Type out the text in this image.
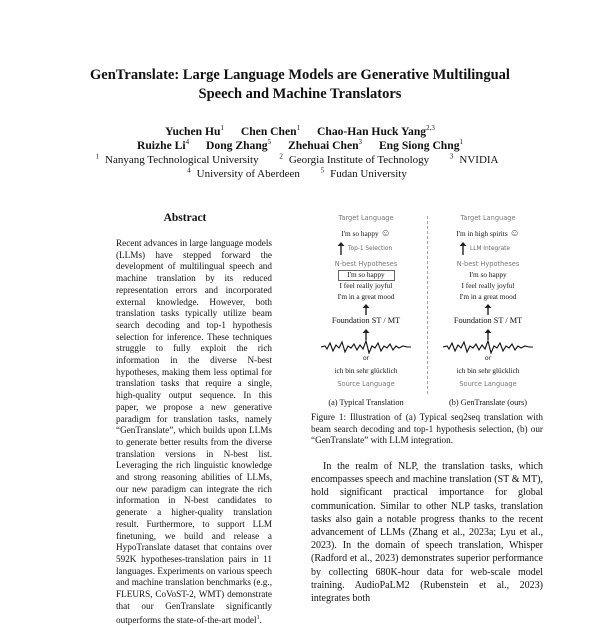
GenTranslate: Large Language Models are Generative Multilingual
Speech and Machine Translators
Yuchen Hu$^1$ Chen Chen$^1$ Chao-Han Huck Yang$^{2,3}$
Ruizhe Li$^4$ Dong Zhang$^5$ Zhehuai Chen$^3$ Eng Siong Chng$^1$
$^1$ Nanyang Technological University	$^2$ Georgia Institute of Technology	$^3$ NVIDIA
$^4$ University of Aberdeen	$^5$ Fudan University
Abstract
Recent advances in large language models (LLMs) have stepped forward the development of multilingual speech and machine translation by its reduced representation errors and incorporated external knowledge. However, both translation tasks typically utilize beam search decoding and top-1 hypothesis selection for inference. These techniques struggle to fully exploit the rich information in the diverse N-best hypotheses, making them less optimal for translation tasks that require a single, high-quality output sequence. In this paper, we propose a new generative paradigm for translation tasks, namely “GenTranslate”, which builds upon LLMs to generate better results from the diverse translation versions in N-best list. Leveraging the rich linguistic knowledge and strong reasoning abilities of LLMs, our new paradigm can integrate the rich information in N-best candidates to generate a higher-quality translation result. Furthermore, to support LLM finetuning, we build and release a HypoTranslate dataset that contains over 592K hypotheses-translation pairs in 11 languages. Experiments on various speech and machine translation benchmarks (e.g., FLEURS, CoVoST-2, WMT) demonstrate that our GenTranslate significantly outperforms the state-of-the-art model$^1$.
Target Language
I'm so happy ☺
Top-1 Selection
N-best Hypotheses
I'm so happy
I feel really joyful
I'm in a great mood
Foundation ST / MT
or
ich bin sehr glücklich
Source Language
(a) Typical Translation
Target Language
I'm in high spirits ☺
LLM Integrate
N-best Hypotheses
I'm so happy
I feel really joyful
I'm in a great mood
Foundation ST / MT
or
ich bin sehr glücklich
Source Language
(b) GenTranslate (ours)
Figure 1: Illustration of (a) Typical seq2seq translation with beam search decoding and top-1 hypothesis selection, (b) our “GenTranslate” with LLM integration.
In the realm of NLP, the translation tasks, which encompasses speech and machine translation (ST & MT), hold significant practical importance for global communication. Similar to other NLP tasks, translation tasks also gain a notable progress thanks to the recent advancement of LLMs (Zhang et al., 2023a; Lyu et al., 2023). In the domain of speech translation, Whisper (Radford et al., 2023) demonstrates superior performance by collecting 680K-hour data for web-scale model training. AudioPaLM2 (Rubenstein et al., 2023) integrates both
